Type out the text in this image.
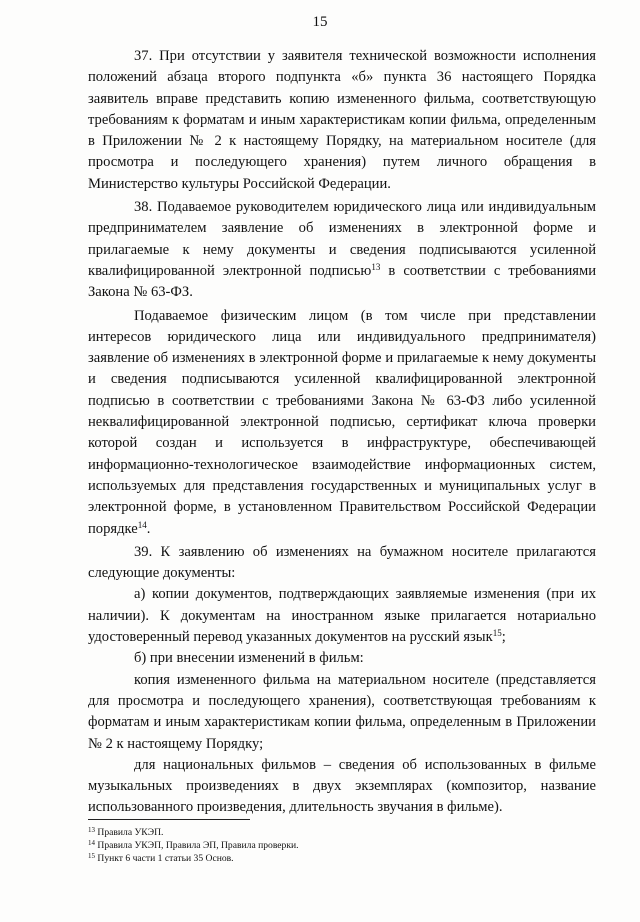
15

37. При отсутствии у заявителя технической возможности исполнения положений абзаца второго подпункта «б» пункта 36 настоящего Порядка заявитель вправе представить копию измененного фильма, соответствующую требованиям к форматам и иным характеристикам копии фильма, определенным в Приложении № 2 к настоящему Порядку, на материальном носителе (для просмотра и последующего хранения) путем личного обращения в Министерство культуры Российской Федерации.

38. Подаваемое руководителем юридического лица или индивидуальным предпринимателем заявление об изменениях в электронной форме и прилагаемые к нему документы и сведения подписываются усиленной квалифицированной электронной подписью$^{13}$ в соответствии с требованиями Закона № 63-ФЗ.

Подаваемое физическим лицом (в том числе при представлении интересов юридического лица или индивидуального предпринимателя) заявление об изменениях в электронной форме и прилагаемые к нему документы и сведения подписываются усиленной квалифицированной электронной подписью в соответствии с требованиями Закона № 63-ФЗ либо усиленной неквалифицированной электронной подписью, сертификат ключа проверки которой создан и используется в инфраструктуре, обеспечивающей информационно-технологическое взаимодействие информационных систем, используемых для представления государственных и муниципальных услуг в электронной форме, в установленном Правительством Российской Федерации порядке$^{14}$.

39. К заявлению об изменениях на бумажном носителе прилагаются следующие документы:

а) копии документов, подтверждающих заявляемые изменения (при их наличии). К документам на иностранном языке прилагается нотариально удостоверенный перевод указанных документов на русский язык$^{15}$;

б) при внесении изменений в фильм:

копия измененного фильма на материальном носителе (представляется для просмотра и последующего хранения), соответствующая требованиям к форматам и иным характеристикам копии фильма, определенным в Приложении № 2 к настоящему Порядку;

для национальных фильмов – сведения об использованных в фильме музыкальных произведениях в двух экземплярах (композитор, название использованного произведения, длительность звучания в фильме).

$^{13}$ Правила УКЭП.

$^{14}$ Правила УКЭП, Правила ЭП, Правила проверки.

$^{15}$ Пункт 6 части 1 статьи 35 Основ.
